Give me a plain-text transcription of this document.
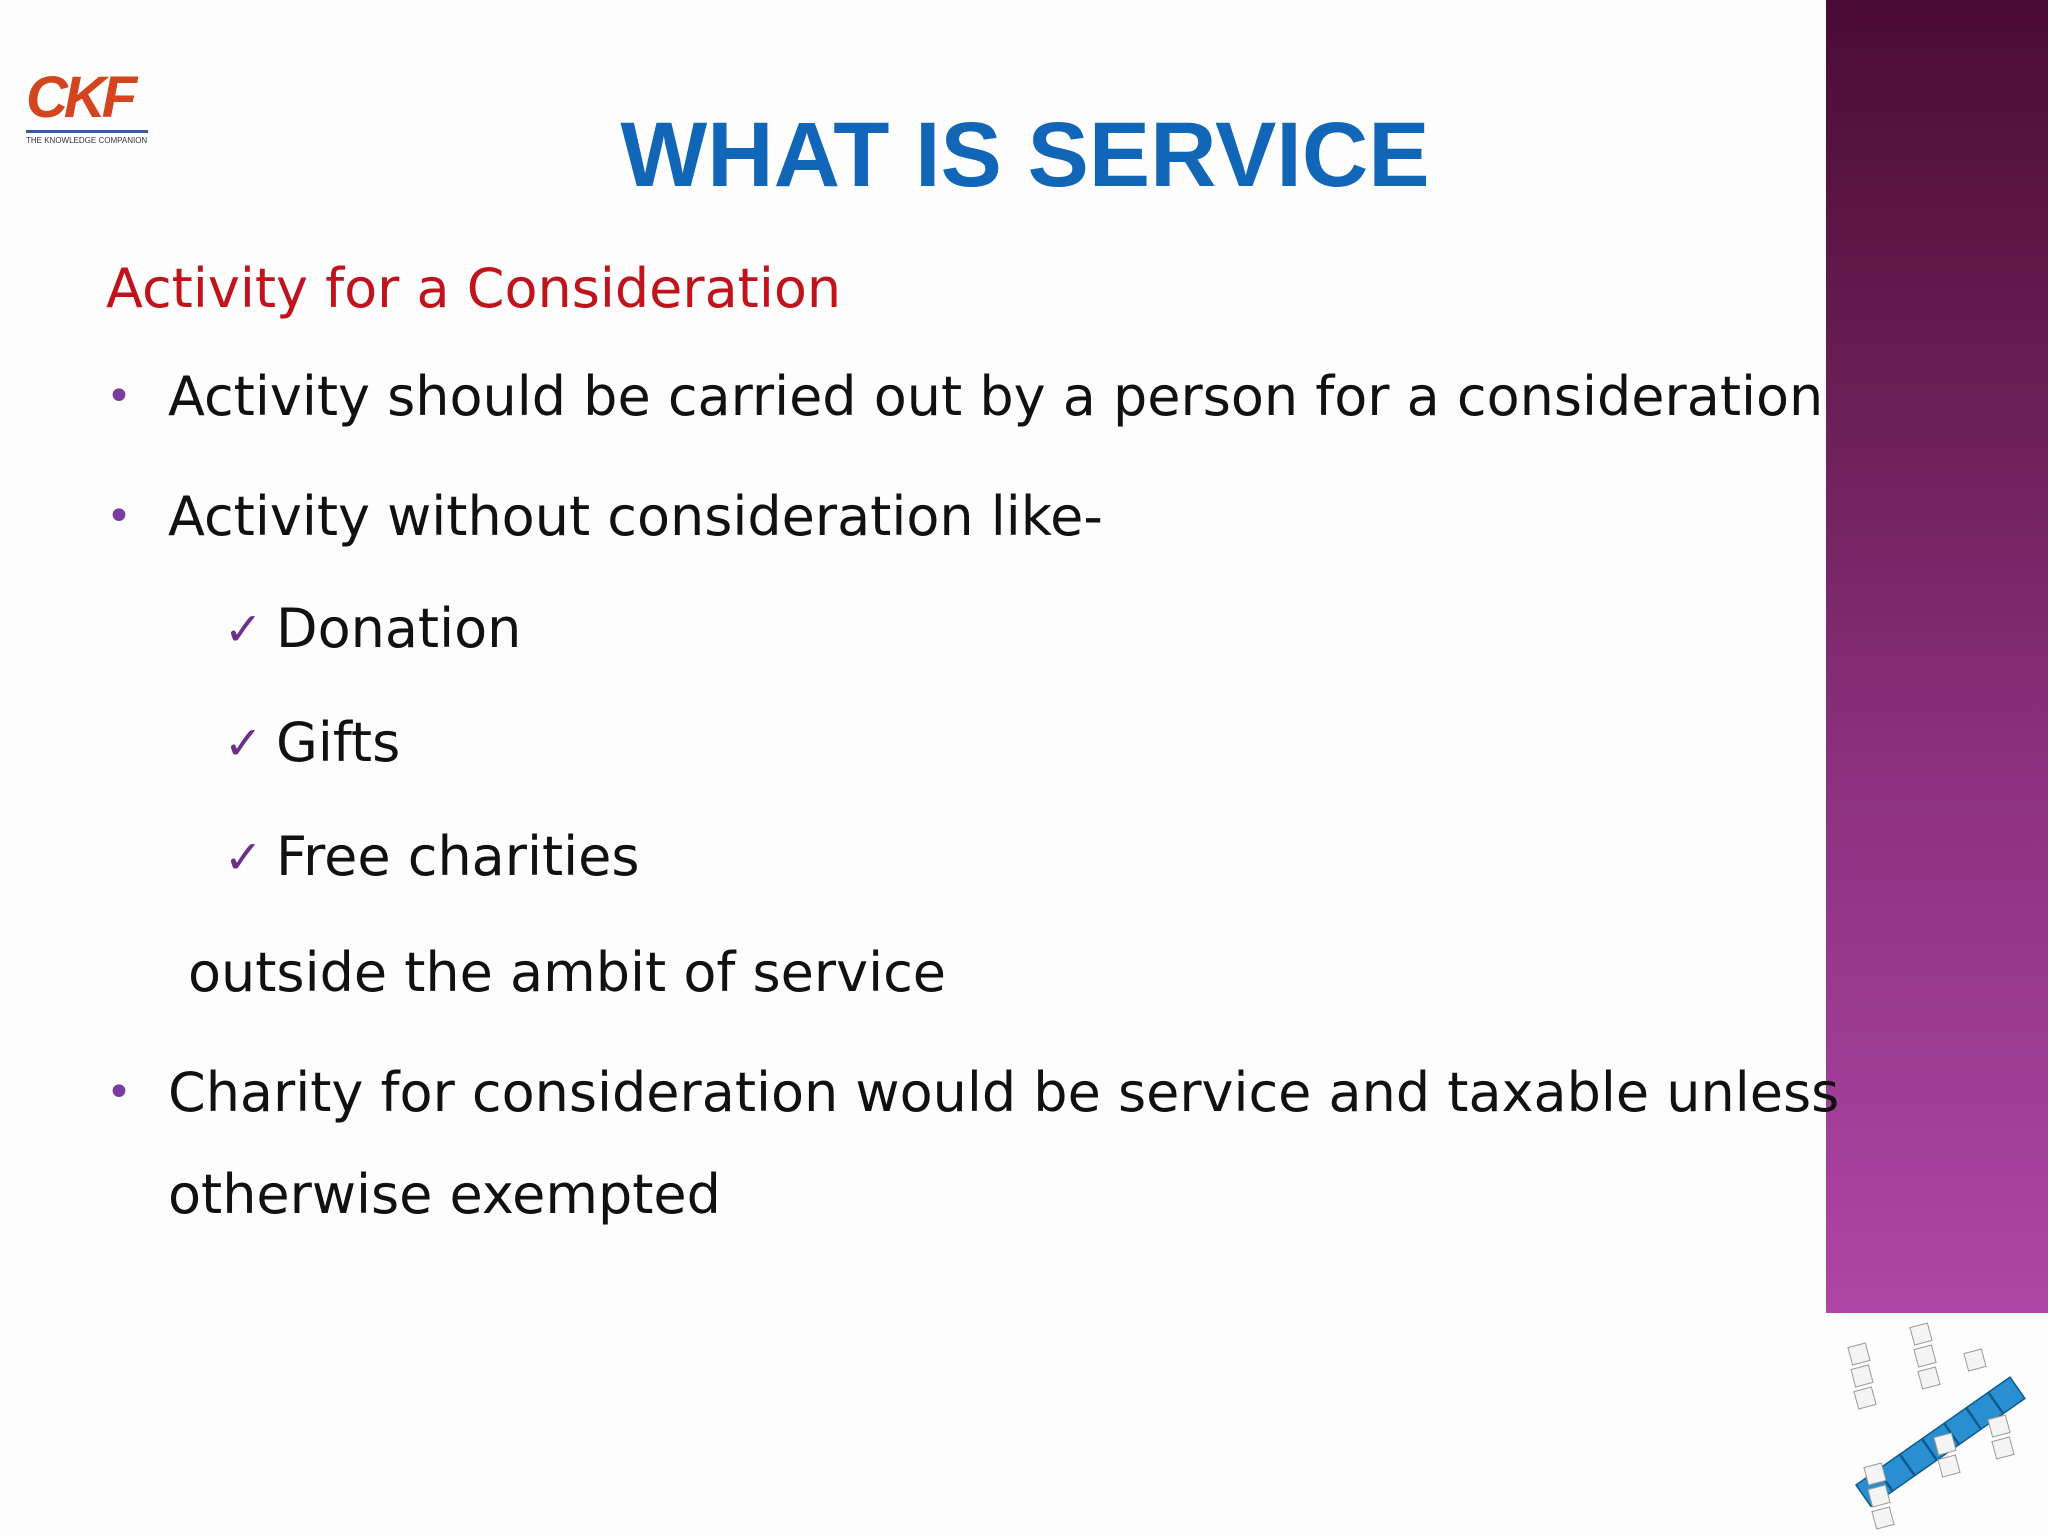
CKF
THE KNOWLEDGE COMPANION	WHAT IS SERVICE
Activity for a Consideration
• Activity should be carried out by a person for a consideration
• Activity without consideration like-
✓ Donation
✓ Gifts
✓ Free charities
outside the ambit of service
• Charity for consideration would be service and taxable unless
otherwise exempted
